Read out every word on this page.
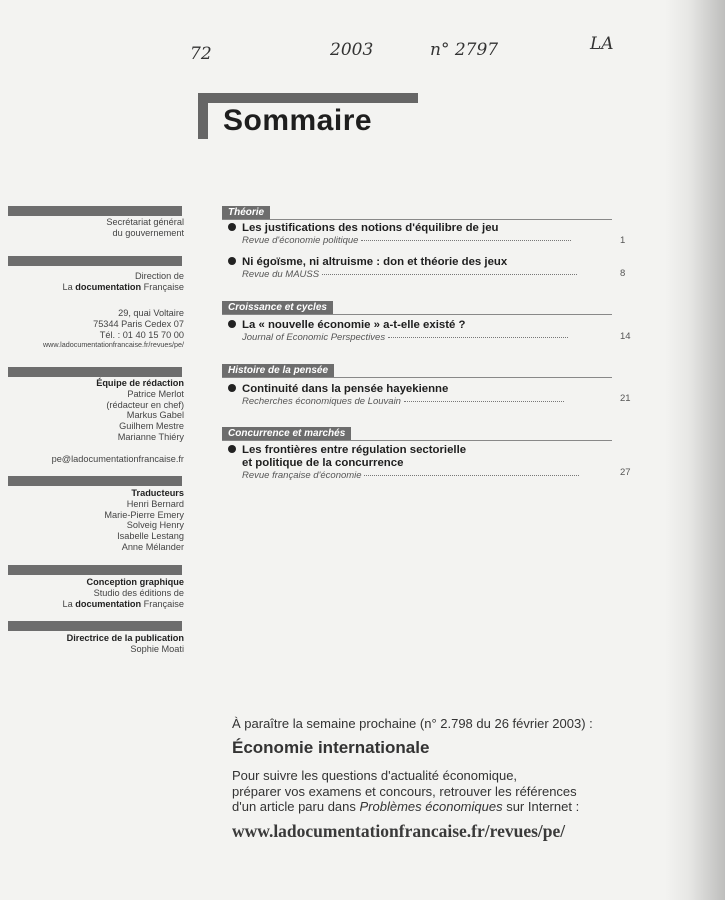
72	2003	n° 2797	LA
Sommaire
Secrétariat général
du gouvernement
Direction de
La documentation Française
29, quai Voltaire
75344 Paris Cedex 07
Tél. : 01 40 15 70 00
www.ladocumentationfrancaise.fr/revues/pe/
Équipe de rédaction
Patrice Merlot
(rédacteur en chef)
Markus Gabel
Guilhem Mestre
Marianne Thiéry
pe@ladocumentationfrancaise.fr
Traducteurs
Henri Bernard
Marie-Pierre Emery
Solveig Henry
Isabelle Lestang
Anne Mélander
Conception graphique
Studio des éditions de
La documentation Française
Directrice de la publication
Sophie Moati
Théorie
Les justifications des notions d'équilibre de jeu
Revue d'économie politique	1
Ni égoïsme, ni altruisme : don et théorie des jeux
Revue du MAUSS	8
Croissance et cycles
La « nouvelle économie » a-t-elle existé ?
Journal of Economic Perspectives	14
Histoire de la pensée
Continuité dans la pensée hayekienne
Recherches économiques de Louvain	21
Concurrence et marchés
Les frontières entre régulation sectorielle
et politique de la concurrence
Revue française d'économie	27
À paraître la semaine prochaine (n° 2.798 du 26 février 2003) :
Économie internationale
Pour suivre les questions d'actualité économique,
préparer vos examens et concours, retrouver les références
d'un article paru dans Problèmes économiques sur Internet :
www.ladocumentationfrancaise.fr/revues/pe/
